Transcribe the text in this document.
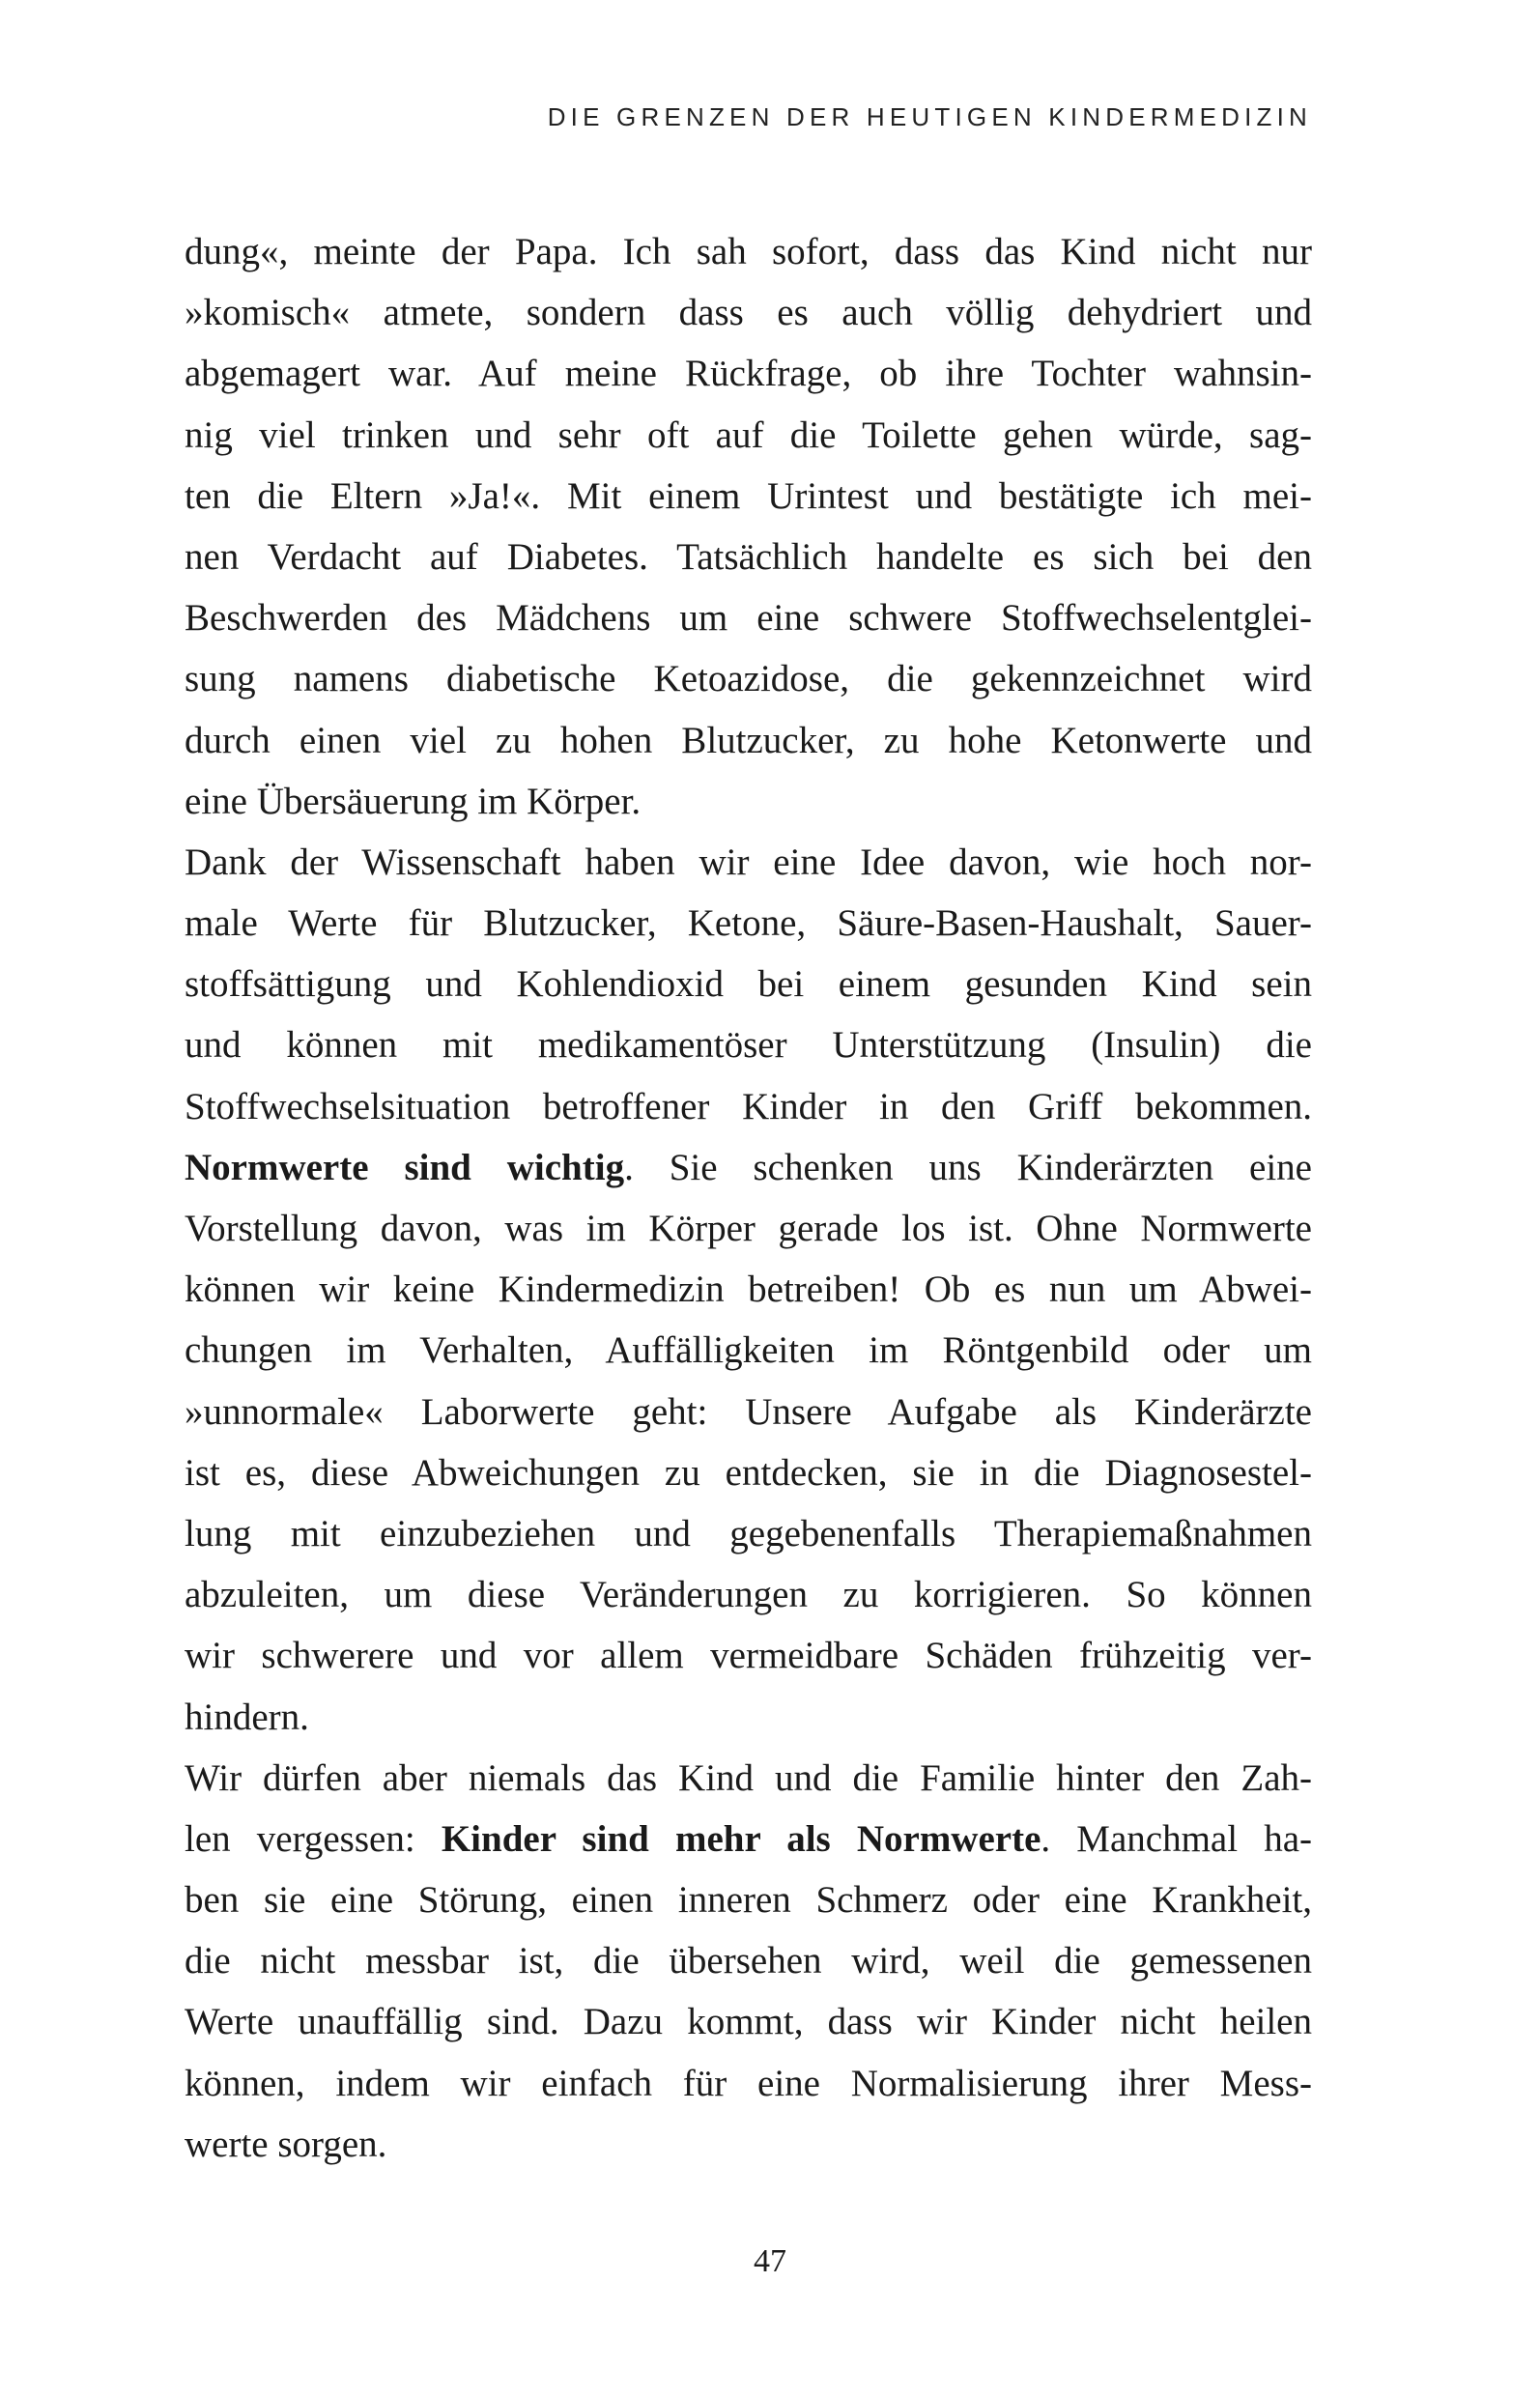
DIE GRENZEN DER HEUTIGEN KINDERMEDIZIN
dung«, meinte der Papa. Ich sah sofort, dass das Kind nicht nur
»komisch« atmete, sondern dass es auch völlig dehydriert und
abgemagert war. Auf meine Rückfrage, ob ihre Tochter wahnsin-
nig viel trinken und sehr oft auf die Toilette gehen würde, sag-
ten die Eltern »Ja!«. Mit einem Urintest und bestätigte ich mei-
nen Verdacht auf Diabetes. Tatsächlich handelte es sich bei den
Beschwerden des Mädchens um eine schwere Stoffwechselentglei-
sung namens diabetische Ketoazidose, die gekennzeichnet wird
durch einen viel zu hohen Blutzucker, zu hohe Ketonwerte und
eine Übersäuerung im Körper.
Dank der Wissenschaft haben wir eine Idee davon, wie hoch nor-
male Werte für Blutzucker, Ketone, Säure-Basen-Haushalt, Sauer-
stoffsättigung und Kohlendioxid bei einem gesunden Kind sein
und können mit medikamentöser Unterstützung (Insulin) die
Stoffwechselsituation betroffener Kinder in den Griff bekommen.
Normwerte sind wichtig. Sie schenken uns Kinderärzten eine
Vorstellung davon, was im Körper gerade los ist. Ohne Normwerte
können wir keine Kindermedizin betreiben! Ob es nun um Abwei-
chungen im Verhalten, Auffälligkeiten im Röntgenbild oder um
»unnormale« Laborwerte geht: Unsere Aufgabe als Kinderärzte
ist es, diese Abweichungen zu entdecken, sie in die Diagnosestel-
lung mit einzubeziehen und gegebenenfalls Therapiemaßnahmen
abzuleiten, um diese Veränderungen zu korrigieren. So können
wir schwerere und vor allem vermeidbare Schäden frühzeitig ver-
hindern.
Wir dürfen aber niemals das Kind und die Familie hinter den Zah-
len vergessen: Kinder sind mehr als Normwerte. Manchmal ha-
ben sie eine Störung, einen inneren Schmerz oder eine Krankheit,
die nicht messbar ist, die übersehen wird, weil die gemessenen
Werte unauffällig sind. Dazu kommt, dass wir Kinder nicht heilen
können, indem wir einfach für eine Normalisierung ihrer Mess-
werte sorgen.
47
